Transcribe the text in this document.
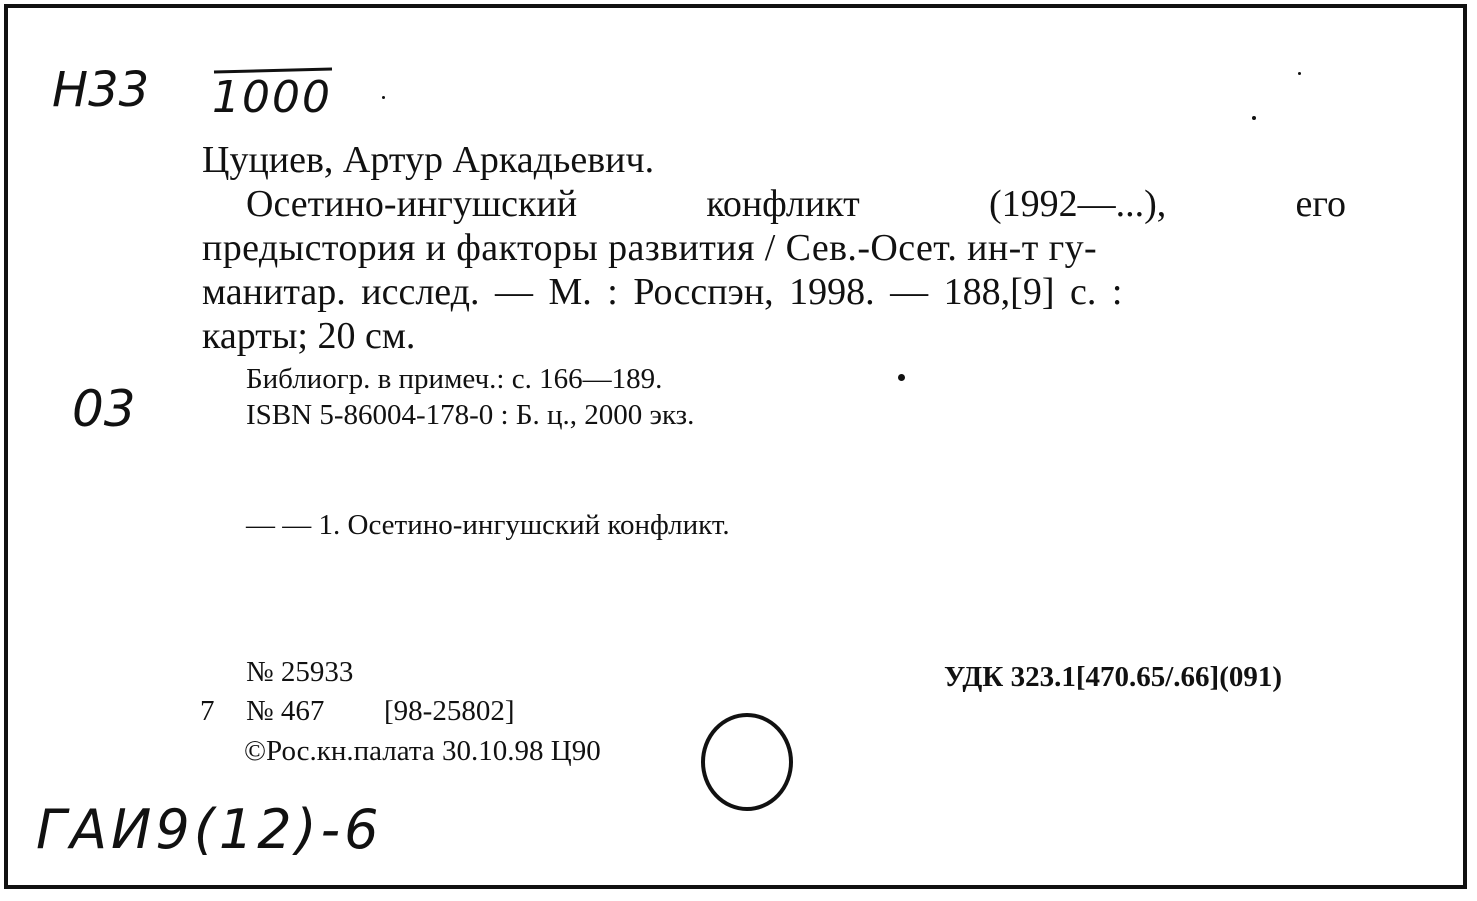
Н33 1000
03
ГАИ9(12)-6
Цуциев, Артур Аркадьевич.
Осетино-ингушский	конфликт	(1992—...),	его
предыстория и факторы развития / Сев.-Осет. ин-т гу-
манитар. исслед. — М. : Росспэн, 1998. — 188,[9] с. :
карты; 20 см.
Библиогр. в примеч.: с. 166—189.
ISBN 5-86004-178-0 : Б. ц., 2000 экз.
— — 1. Осетино-ингушский конфликт.
№ 25933	УДК 323.1[470.65/.66](091)
7 № 467 [98-25802]
©Рос.кн.палата 30.10.98 Ц90
